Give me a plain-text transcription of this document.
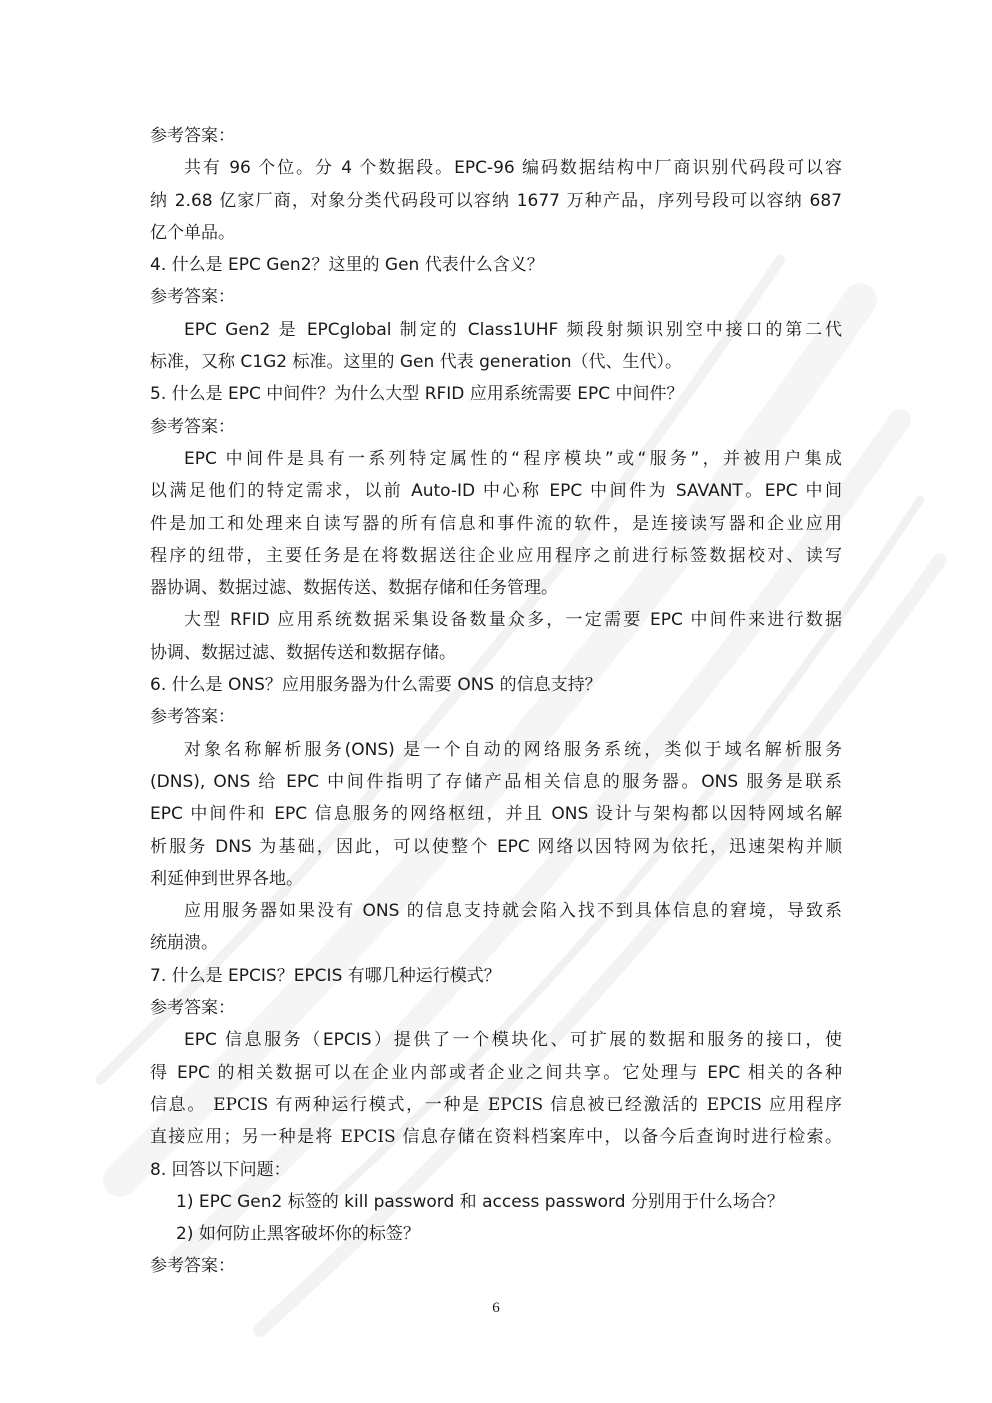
参考答案：
共有 96 个位。分 4 个数据段。EPC-96 编码数据结构中厂商识别代码段可以容
纳 2.68 亿家厂商，对象分类代码段可以容纳 1677 万种产品，序列号段可以容纳 687
亿个单品。
4. 什么是 EPC Gen2？这里的 Gen 代表什么含义？
参考答案：
EPC Gen2 是 EPCglobal 制定的 Class1UHF 频段射频识别空中接口的第二代
标准，又称 C1G2 标准。这里的 Gen 代表 generation（代、生代）。
5. 什么是 EPC 中间件？为什么大型 RFID 应用系统需要 EPC 中间件？
参考答案：
EPC 中间件是具有一系列特定属性的“程序模块”或“服务”，并被用户集成
以满足他们的特定需求，以前 Auto-ID 中心称 EPC 中间件为 SAVANT。EPC 中间
件是加工和处理来自读写器的所有信息和事件流的软件，是连接读写器和企业应用
程序的纽带，主要任务是在将数据送往企业应用程序之前进行标签数据校对、读写
器协调、数据过滤、数据传送、数据存储和任务管理。
大型 RFID 应用系统数据采集设备数量众多，一定需要 EPC 中间件来进行数据
协调、数据过滤、数据传送和数据存储。
6. 什么是 ONS？应用服务器为什么需要 ONS 的信息支持？
参考答案：
对象名称解析服务(ONS) 是一个自动的网络服务系统，类似于域名解析服务
(DNS), ONS 给 EPC 中间件指明了存储产品相关信息的服务器。ONS 服务是联系
EPC 中间件和 EPC 信息服务的网络枢纽，并且 ONS 设计与架构都以因特网域名解
析服务 DNS 为基础，因此，可以使整个 EPC 网络以因特网为依托，迅速架构并顺
利延伸到世界各地。
应用服务器如果没有 ONS 的信息支持就会陷入找不到具体信息的窘境，导致系
统崩溃。
7. 什么是 EPCIS？EPCIS 有哪几种运行模式？
参考答案：
EPC 信息服务（EPCIS）提供了一个模块化、可扩展的数据和服务的接口，使
得 EPC 的相关数据可以在企业内部或者企业之间共享。它处理与 EPC 相关的各种
信息。 EPCIS 有两种运行模式，一种是 EPCIS 信息被已经激活的 EPCIS 应用程序
直接应用；另一种是将 EPCIS 信息存储在资料档案库中，以备今后查询时进行检索。
8. 回答以下问题：
1) EPC Gen2 标签的 kill password 和 access password 分别用于什么场合？
2) 如何防止黑客破坏你的标签？
参考答案：
6
